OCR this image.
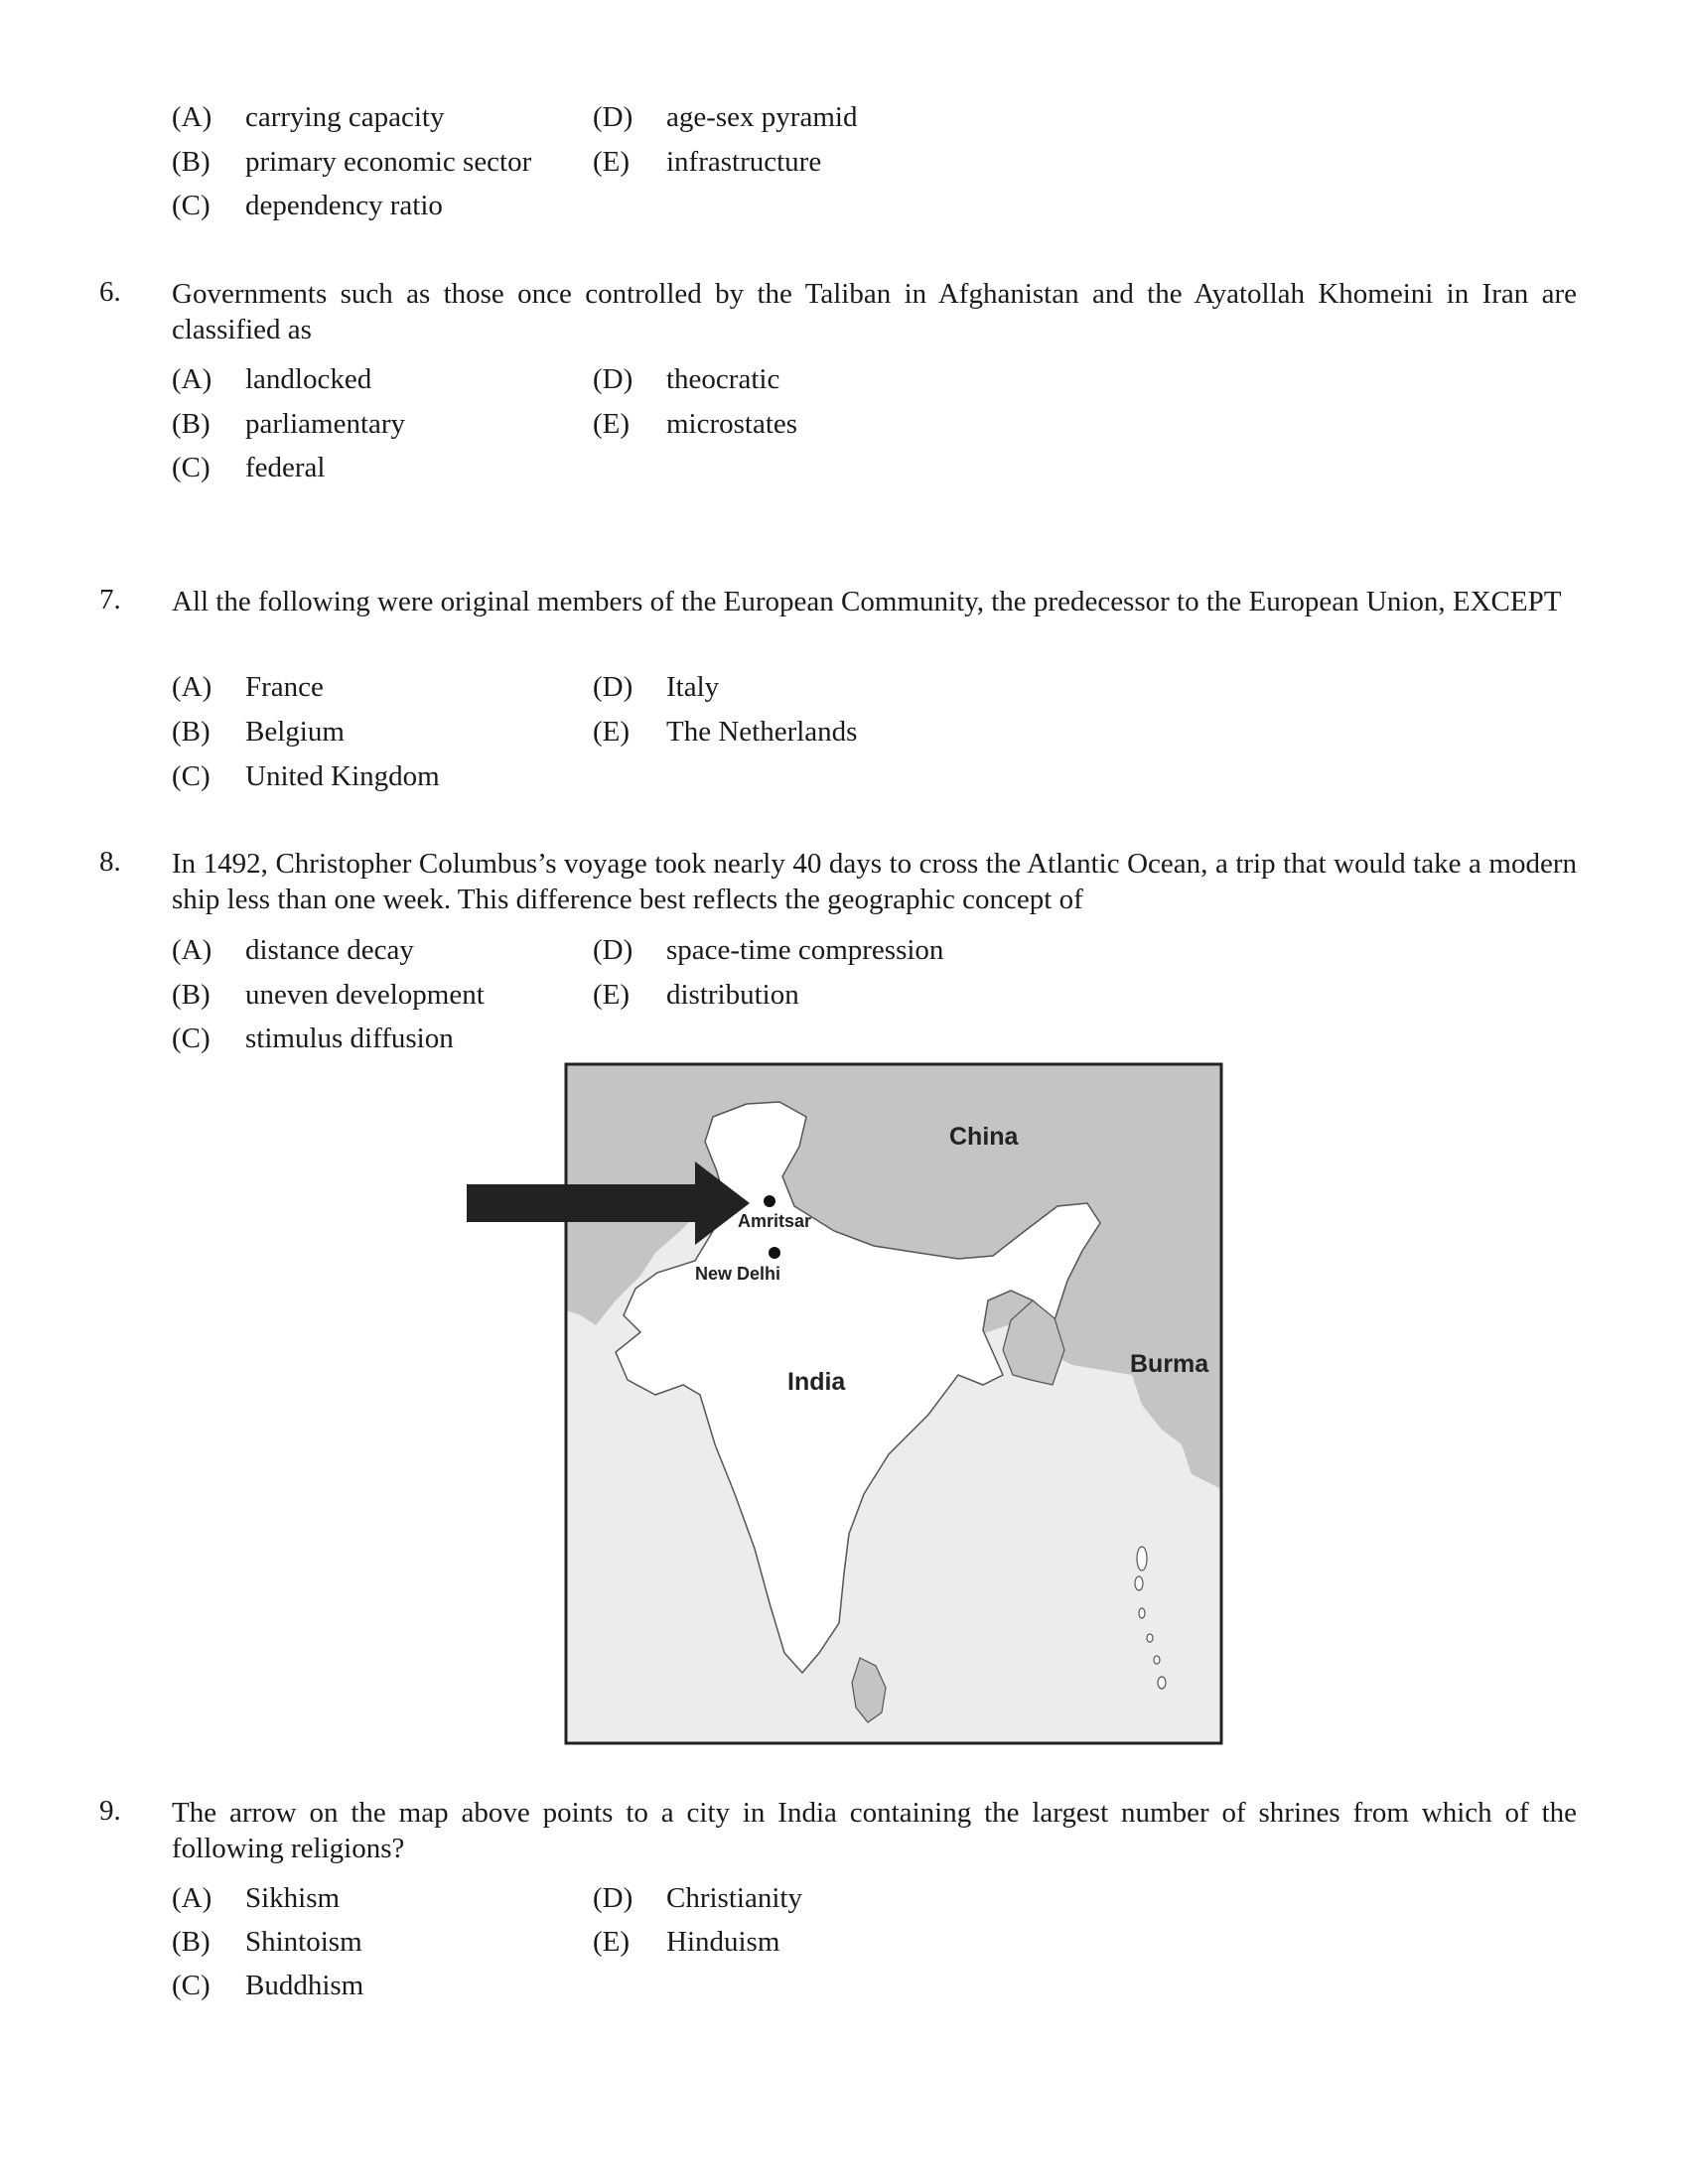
(A) carrying capacity
(B) primary economic sector
(C) dependency ratio
(D) age-sex pyramid
(E) infrastructure
6. Governments such as those once controlled by the Taliban in Afghanistan and the Ayatollah Khomeini in Iran are classified as
(A) landlocked
(B) parliamentary
(C) federal
(D) theocratic
(E) microstates
7. All the following were original members of the European Community, the predecessor to the European Union, EXCEPT
(A) France
(B) Belgium
(C) United Kingdom
(D) Italy
(E) The Netherlands
8. In 1492, Christopher Columbus’s voyage took nearly 40 days to cross the Atlantic Ocean, a trip that would take a modern ship less than one week. This difference best reflects the geographic concept of
(A) distance decay
(B) uneven development
(C) stimulus diffusion
(D) space-time compression
(E) distribution
China
Amritsar
New Delhi
India
Burma
9. The arrow on the map above points to a city in India containing the largest number of shrines from which of the following religions?
(A) Sikhism
(B) Shintoism
(C) Buddhism
(D) Christianity
(E) Hinduism
